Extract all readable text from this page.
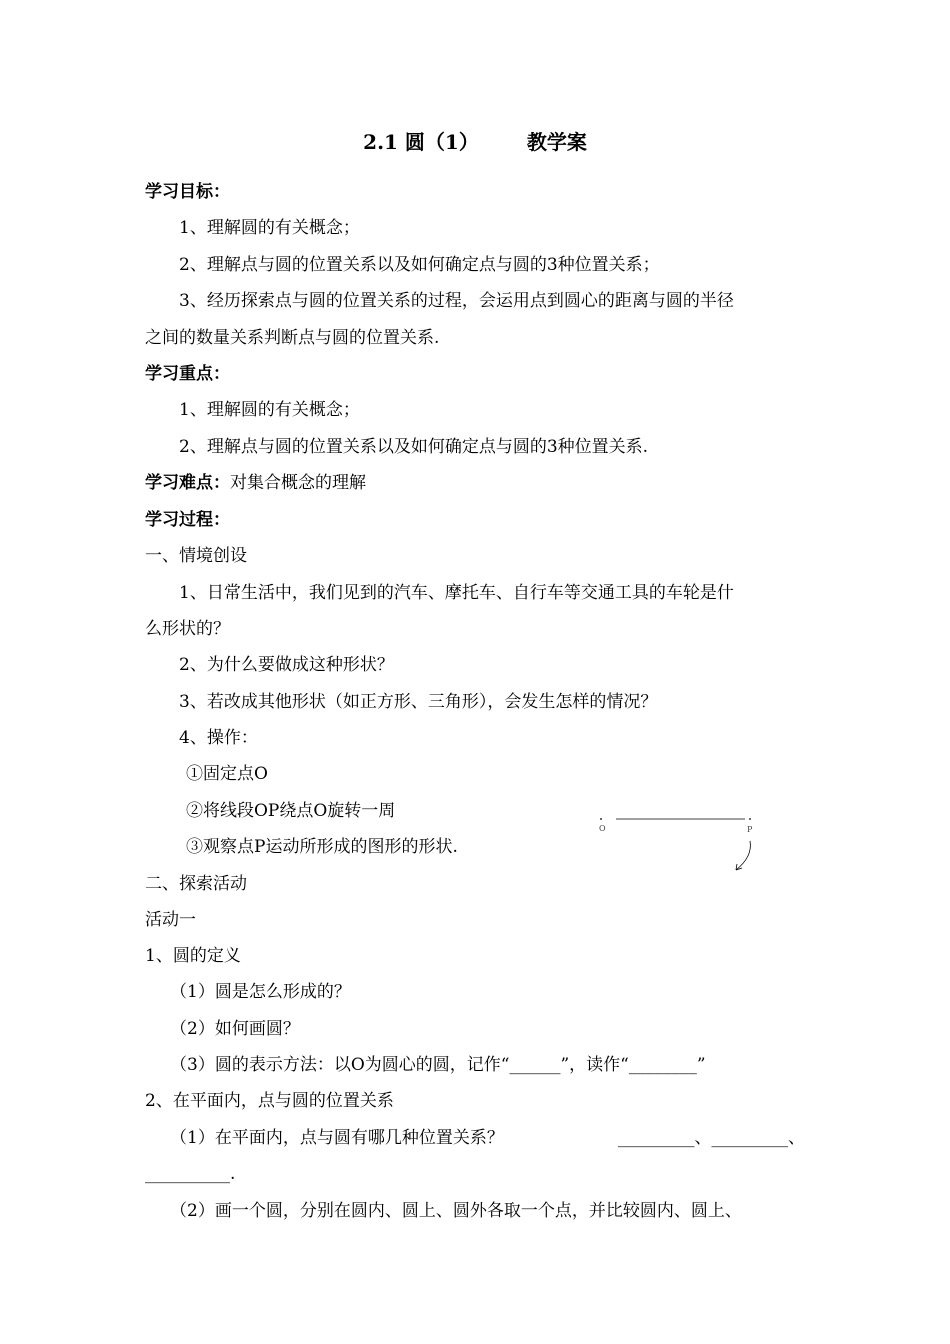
2.1 圆（1） 教学案
学习目标：
1、理解圆的有关概念；
2、理解点与圆的位置关系以及如何确定点与圆的3种位置关系；
3、经历探索点与圆的位置关系的过程，会运用点到圆心的距离与圆的半径
之间的数量关系判断点与圆的位置关系.
学习重点：
1、理解圆的有关概念；
2、理解点与圆的位置关系以及如何确定点与圆的3种位置关系.
学习难点：对集合概念的理解
学习过程：
一、情境创设
1、日常生活中，我们见到的汽车、摩托车、自行车等交通工具的车轮是什
么形状的？
2、为什么要做成这种形状？
3、若改成其他形状（如正方形、三角形），会发生怎样的情况？
4、操作：
①固定点O
②将线段OP绕点O旋转一周
③观察点P运动所形成的图形的形状.
O	P
二、探索活动
活动一
1、圆的定义
（1）圆是怎么形成的？
（2）如何画圆？
（3）圆的表示方法：以O为圆心的圆，记作“______”，读作“________”
2、在平面内，点与圆的位置关系
（1）在平面内，点与圆有哪几种位置关系？	_________、_________、
__________.
（2）画一个圆，分别在圆内、圆上、圆外各取一个点，并比较圆内、圆上、
